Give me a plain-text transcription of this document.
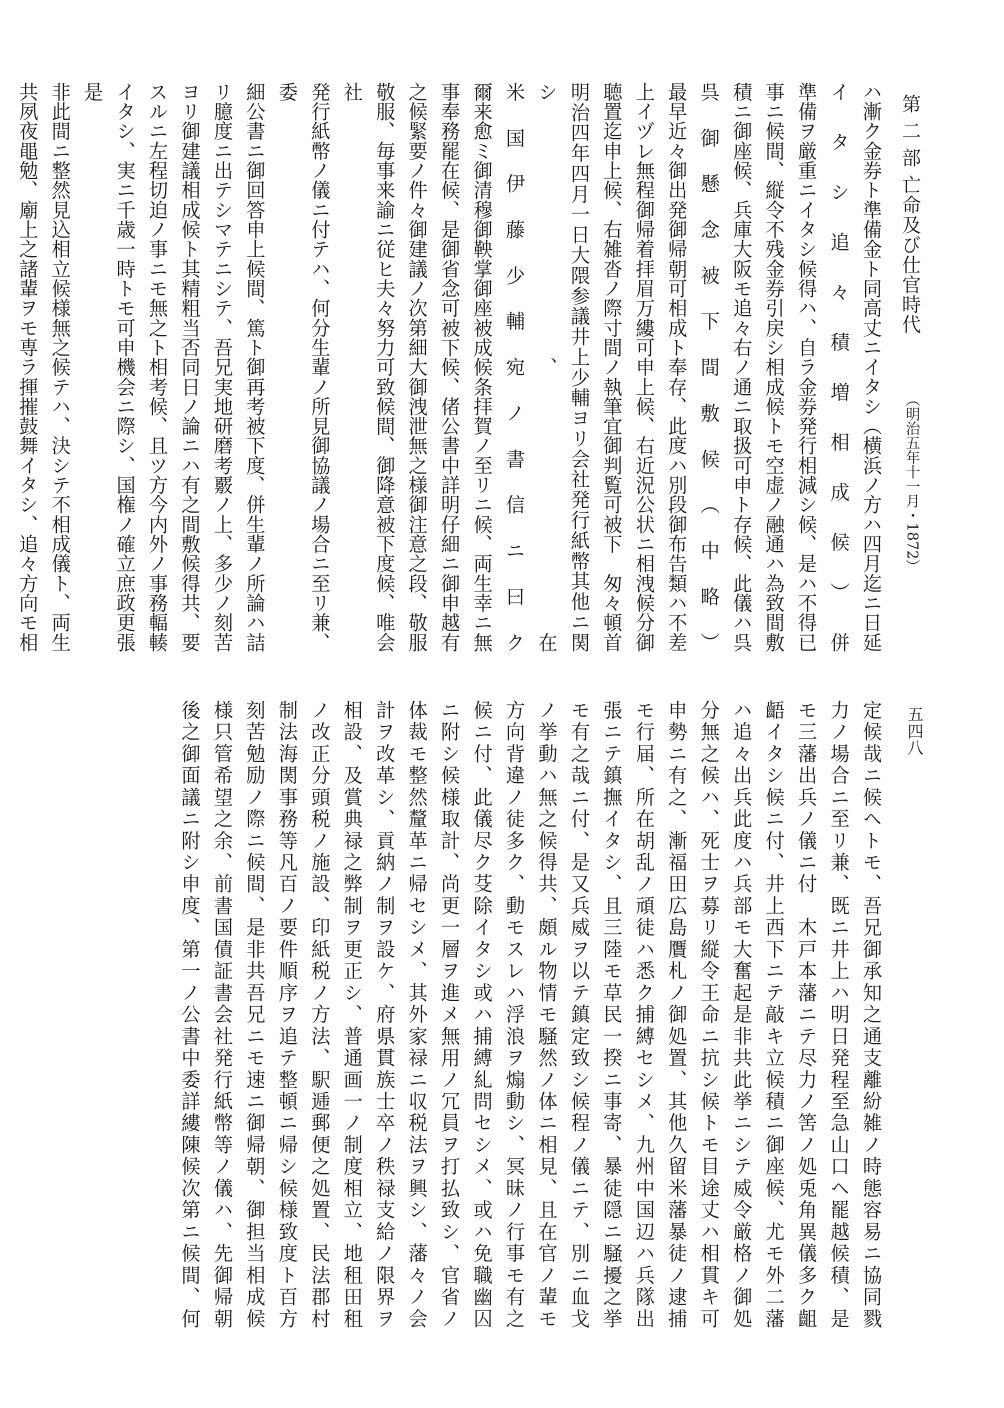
第 二 部 亡命及び仕官時代
（明治五年十一月・1872）
五四八
ハ漸ク金券ト準備金ト同高丈ニイタシ（横浜ノ方ハ四月迄ニ日延イタシ追々積増相成候）併
準備ヲ厳重ニイタシ候得ハ、自ラ金券発行相減シ候、是ハ不得已
事ニ候間、縦令不残金券引戻シ相成候トモ空虚ノ融通ハ為致間敷
積ニ御座候、兵庫大阪モ追々右ノ通ニ取扱可申ト存候、此儀ハ呉
呉御懸念被下間敷候（中略）
最早近々御出発御帰朝可相成ト奉存、此度ハ別段御布告類ハ不差
上イヅレ無程御帰着拝眉万縷可申上候、右近況公状ニ相洩候分御
聴置迄申上候、右雑沓ノ際寸間ノ執筆宜御判覧可被下　匆々頓首
明治四年四月一日大隈参議井上少輔ヨリ会社発行紙幣其他ニ関シ、在
米国伊藤少輔宛ノ書信ニ曰ク
爾来愈ミ御清穆御鞅掌御座被成候条拝賀ノ至リニ候、両生幸ニ無
事奉務罷在候、是御省念可被下候、偖公書中詳明仔細ニ御申越有
之候緊要ノ件々御建議ノ次第細大御洩泄無之様御注意之段、敬服
敬服、毎事来諭ニ従ヒ夫々努力可致候間、御降意被下度候、唯会社
発行紙幣ノ儀ニ付テハ、何分生輩ノ所見御協議ノ場合ニ至リ兼、委
細公書ニ御回答申上候間、篤ト御再考被下度、併生輩ノ所論ハ詰
リ臆度ニ出テシマテニシテ、吾兄実地研磨考覈ノ上、多少ノ刻苦
ヨリ御建議相成候ト其精粗当否同日ノ論ニハ有之間敷候得共、要
スルニ左程切迫ノ事ニモ無之ト相考候、且ツ方今内外ノ事務輻輳
イタシ、実ニ千歳一時トモ可申機会ニ際シ、国権ノ確立庶政更張是
非此間ニ整然見込相立候様無之候テハ、決シテ不相成儀ト、両生
共夙夜黽勉、廟上之諸輩ヲモ専ラ揮摧鼓舞イタシ、追々方向モ相
定候哉ニ候ヘトモ、吾兄御承知之通支離紛雑ノ時態容易ニ協同戮
力ノ場合ニ至リ兼、既ニ井上ハ明日発程至急山口ヘ罷越候積、是
モ三藩出兵ノ儀ニ付　木戸本藩ニテ尽力ノ筈ノ処兎角異儀多ク齟
齬イタシ候ニ付、井上西下ニテ敲キ立候積ニ御座候、尤モ外二藩
ハ追々出兵此度ハ兵部モ大奮起是非共此挙ニシテ威令厳格ノ御処
分無之候ハ、死士ヲ募リ縦令王命ニ抗シ候トモ目途丈ハ相貫キ可
申勢ニ有之、漸福田広島贋札ノ御処置、其他久留米藩暴徒ノ逮捕
モ行届、所在胡乱ノ頑徒ハ悉ク捕縛セシメ、九州中国辺ハ兵隊出
張ニテ鎮撫イタシ、且三陸モ草民一揆ニ事寄、暴徒隠ニ騒擾之挙
モ有之哉ニ付、是又兵威ヲ以テ鎮定致シ候程ノ儀ニテ、別ニ血戈
ノ挙動ハ無之候得共、頗ル物情モ騒然ノ体ニ相見、且在官ノ輩モ
方向背違ノ徒多ク、動モスレハ浮浪ヲ煽動シ、冥昧ノ行事モ有之
候ニ付、此儀尽ク芟除イタシ或ハ捕縛糺問セシメ、或ハ免職幽囚
ニ附シ候様取計、尚更一層ヲ進メ無用ノ冗員ヲ打払致シ、官省ノ
体裁モ整然釐革ニ帰セシメ、其外家禄ニ収税法ヲ興シ、藩々ノ会
計ヲ改革シ、貢納ノ制ヲ設ケ、府県貫族士卒ノ秩禄支給ノ限界ヲ
相設、及賞典禄之弊制ヲ更正シ、普通画一ノ制度相立、地租田租
ノ改正分頭税ノ施設、印紙税ノ方法、駅逓郵便之処置、民法郡村
制法海関事務等凡百ノ要件順序ヲ追テ整頓ニ帰シ候様致度ト百方
刻苦勉励ノ際ニ候間、是非共吾兄ニモ速ニ御帰朝、御担当相成候
様只管希望之余、前書国債証書会社発行紙幣等ノ儀ハ、先御帰朝
後之御面議ニ附シ申度、第一ノ公書中委詳縷陳候次第ニ候間、何
